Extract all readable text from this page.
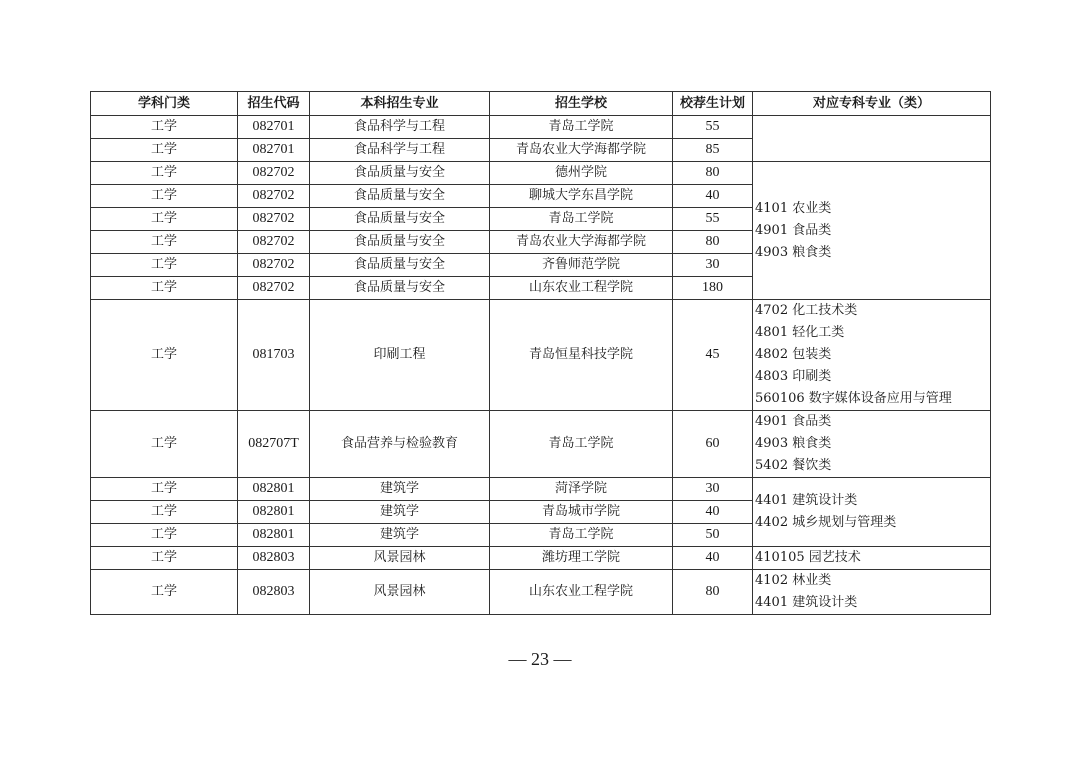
学科门类	招生代码	本科招生专业	招生学校	校荐生计划	对应专科专业（类）
工学	082701	食品科学与工程	青岛工学院	55	
工学	082701	食品科学与工程	青岛农业大学海都学院	85	
工学	082702	食品质量与安全	德州学院	80	4101 农业类
4901 食品类
4903 粮食类

工学	082702	食品质量与安全	聊城大学东昌学院	40	
工学	082702	食品质量与安全	青岛工学院	55	
工学	082702	食品质量与安全	青岛农业大学海都学院	80	
工学	082702	食品质量与安全	齐鲁师范学院	30	
工学	082702	食品质量与安全	山东农业工程学院	180	
工学	081703	印刷工程	青岛恒星科技学院	45	4702 化工技术类
4801 轻化工类
4802 包装类
4803 印刷类
560106 数字媒体设备应用与管理

工学	082707T	食品营养与检验教育	青岛工学院	60	4901 食品类
4903 粮食类
5402 餐饮类

工学	082801	建筑学	菏泽学院	30	4401 建筑设计类
4402 城乡规划与管理类

工学	082801	建筑学	青岛城市学院	40	
工学	082801	建筑学	青岛工学院	50	
工学	082803	风景园林	潍坊理工学院	40	410105 园艺技术

工学	082803	风景园林	山东农业工程学院	80	4102 林业类
4401 建筑设计类
— 23 —
